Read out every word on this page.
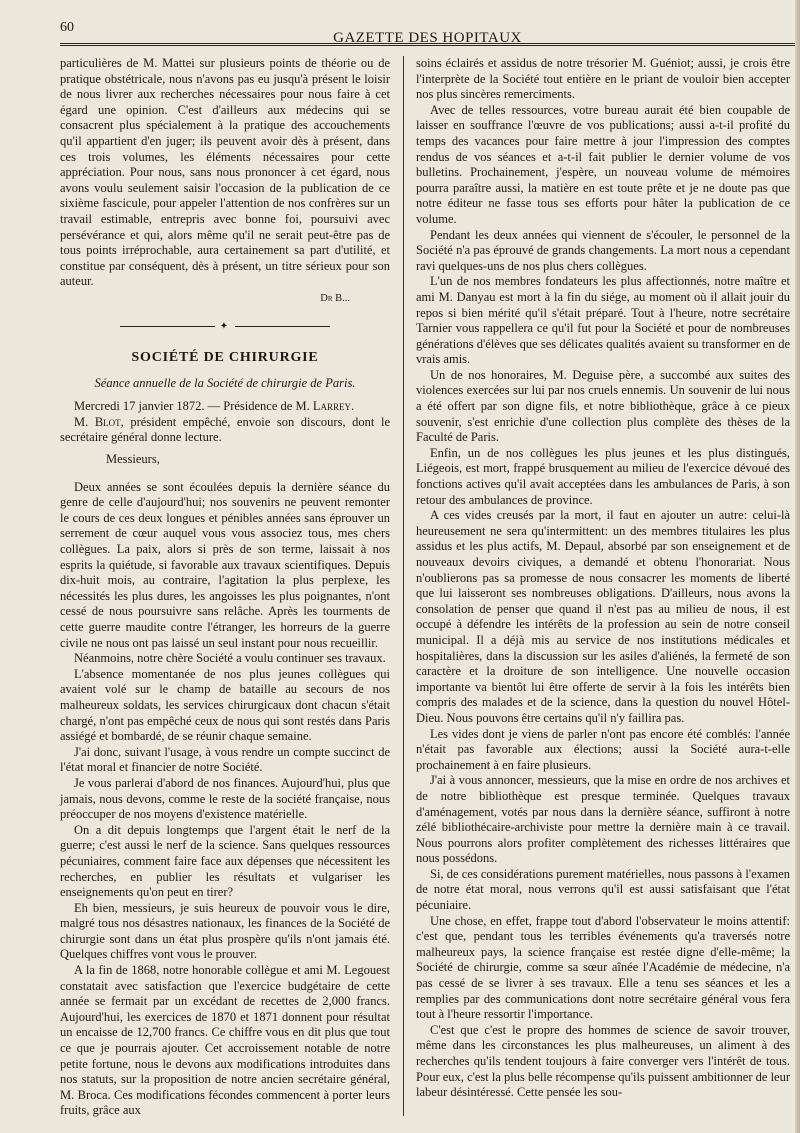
60
GAZETTE DES HOPITAUX

particulières de M. Mattei sur plusieurs points de théorie ou de pratique obstétricale, nous n'avons pas eu jusqu'à présent le loisir de nous livrer aux recherches nécessaires pour nous faire à cet égard une opinion. C'est d'ailleurs aux médecins qui se consacrent plus spécialement à la pratique des accouchements qu'il appartient d'en juger; ils peuvent avoir dès à présent, dans ces trois volumes, les éléments nécessaires pour cette appréciation. Pour nous, sans nous prononcer à cet égard, nous avons voulu seulement saisir l'occasion de la publication de ce sixième fascicule, pour appeler l'attention de nos confrères sur un travail estimable, entrepris avec bonne foi, poursuivi avec persévérance et qui, alors même qu'il ne serait peut-être pas de tous points irréprochable, aura certainement sa part d'utilité, et constitue par conséquent, dès à présent, un titre sérieux pour son auteur.

Dr B...
✦
SOCIÉTÉ DE CHIRURGIE
Séance annuelle de la Société de chirurgie de Paris.

Mercredi 17 janvier 1872. — Présidence de M. Larrey.

M. Blot, président empêché, envoie son discours, dont le secrétaire général donne lecture.

Messieurs,

Deux années se sont écoulées depuis la dernière séance du genre de celle d'aujourd'hui; nos souvenirs ne peuvent remonter le cours de ces deux longues et pénibles années sans éprouver un serrement de cœur auquel vous vous associez tous, mes chers collègues. La paix, alors si près de son terme, laissait à nos esprits la quiétude, si favorable aux travaux scientifiques. Depuis dix-huit mois, au contraire, l'agitation la plus perplexe, les nécessités les plus dures, les angoisses les plus poignantes, n'ont cessé de nous poursuivre sans relâche. Après les tourments de cette guerre maudite contre l'étranger, les horreurs de la guerre civile ne nous ont pas laissé un seul instant pour nous recueillir.

Néanmoins, notre chère Société a voulu continuer ses travaux.

L'absence momentanée de nos plus jeunes collègues qui avaient volé sur le champ de bataille au secours de nos malheureux soldats, les services chirurgicaux dont chacun s'était chargé, n'ont pas empêché ceux de nous qui sont restés dans Paris assiégé et bombardé, de se réunir chaque semaine.

J'ai donc, suivant l'usage, à vous rendre un compte succinct de l'état moral et financier de notre Société.

Je vous parlerai d'abord de nos finances. Aujourd'hui, plus que jamais, nous devons, comme le reste de la société française, nous préoccuper de nos moyens d'existence matérielle.

On a dit depuis longtemps que l'argent était le nerf de la guerre; c'est aussi le nerf de la science. Sans quelques ressources pécuniaires, comment faire face aux dépenses que nécessitent les recherches, en publier les résultats et vulgariser les enseignements qu'on peut en tirer?

Eh bien, messieurs, je suis heureux de pouvoir vous le dire, malgré tous nos désastres nationaux, les finances de la Société de chirurgie sont dans un état plus prospère qu'ils n'ont jamais été. Quelques chiffres vont vous le prouver.

A la fin de 1868, notre honorable collègue et ami M. Legouest constatait avec satisfaction que l'exercice budgétaire de cette année se fermait par un excédant de recettes de 2,000 francs. Aujourd'hui, les exercices de 1870 et 1871 donnent pour résultat un encaisse de 12,700 francs. Ce chiffre vous en dit plus que tout ce que je pourrais ajouter. Cet accroissement notable de notre petite fortune, nous le devons aux modifications introduites dans nos statuts, sur la proposition de notre ancien secrétaire général, M. Broca. Ces modifications fécondes commencent à porter leurs fruits, grâce aux

soins éclairés et assidus de notre trésorier M. Guéniot; aussi, je crois être l'interprète de la Société tout entière en le priant de vouloir bien accepter nos plus sincères remerciments.

Avec de telles ressources, votre bureau aurait été bien coupable de laisser en souffrance l'œuvre de vos publications; aussi a-t-il profité du temps des vacances pour faire mettre à jour l'impression des comptes rendus de vos séances et a-t-il fait publier le dernier volume de vos bulletins. Prochainement, j'espère, un nouveau volume de mémoires pourra paraître aussi, la matière en est toute prête et je ne doute pas que notre éditeur ne fasse tous ses efforts pour hâter la publication de ce volume.

Pendant les deux années qui viennent de s'écouler, le personnel de la Société n'a pas éprouvé de grands changements. La mort nous a cependant ravi quelques-uns de nos plus chers collègues.

L'un de nos membres fondateurs les plus affectionnés, notre maître et ami M. Danyau est mort à la fin du siége, au moment où il allait jouir du repos si bien mérité qu'il s'était préparé. Tout à l'heure, notre secrétaire Tarnier vous rappellera ce qu'il fut pour la Société et pour de nombreuses générations d'élèves que ses délicates qualités avaient su transformer en de vrais amis.

Un de nos honoraires, M. Deguise père, a succombé aux suites des violences exercées sur lui par nos cruels ennemis. Un souvenir de lui nous a été offert par son digne fils, et notre bibliothèque, grâce à ce pieux souvenir, s'est enrichie d'une collection plus complète des thèses de la Faculté de Paris.

Enfin, un de nos collègues les plus jeunes et les plus distingués, Liégeois, est mort, frappé brusquement au milieu de l'exercice dévoué des fonctions actives qu'il avait acceptées dans les ambulances de Paris, à son retour des ambulances de province.

A ces vides creusés par la mort, il faut en ajouter un autre: celui-là heureusement ne sera qu'intermittent: un des membres titulaires les plus assidus et les plus actifs, M. Depaul, absorbé par son enseignement et de nouveaux devoirs civiques, a demandé et obtenu l'honorariat. Nous n'oublierons pas sa promesse de nous consacrer les moments de liberté que lui laisseront ses nombreuses obligations. D'ailleurs, nous avons la consolation de penser que quand il n'est pas au milieu de nous, il est occupé à défendre les intérêts de la profession au sein de notre conseil municipal. Il a déjà mis au service de nos institutions médicales et hospitalières, dans la discussion sur les asiles d'aliénés, la fermeté de son caractère et la droiture de son intelligence. Une nouvelle occasion importante va bientôt lui être offerte de servir à la fois les intérêts bien compris des malades et de la science, dans la question du nouvel Hôtel-Dieu. Nous pouvons être certains qu'il n'y faillira pas.

Les vides dont je viens de parler n'ont pas encore été comblés: l'année n'était pas favorable aux élections; aussi la Société aura-t-elle prochainement à en faire plusieurs.

J'ai à vous annoncer, messieurs, que la mise en ordre de nos archives et de notre bibliothèque est presque terminée. Quelques travaux d'aménagement, votés par nous dans la dernière séance, suffiront à notre zélé bibliothécaire-archiviste pour mettre la dernière main à ce travail. Nous pourrons alors profiter complètement des richesses littéraires que nous possédons.

Si, de ces considérations purement matérielles, nous passons à l'examen de notre état moral, nous verrons qu'il est aussi satisfaisant que l'état pécuniaire.

Une chose, en effet, frappe tout d'abord l'observateur le moins attentif: c'est que, pendant tous les terribles événements qu'a traversés notre malheureux pays, la science française est restée digne d'elle-même; la Société de chirurgie, comme sa sœur aînée l'Académie de médecine, n'a pas cessé de se livrer à ses travaux. Elle a tenu ses séances et les a remplies par des communications dont notre secrétaire général vous fera tout à l'heure ressortir l'importance.

C'est que c'est le propre des hommes de science de savoir trouver, même dans les circonstances les plus malheureuses, un aliment à des recherches qu'ils tendent toujours à faire converger vers l'intérêt de tous. Pour eux, c'est la plus belle récompense qu'ils puissent ambitionner de leur labeur désintéressé. Cette pensée les sou-
